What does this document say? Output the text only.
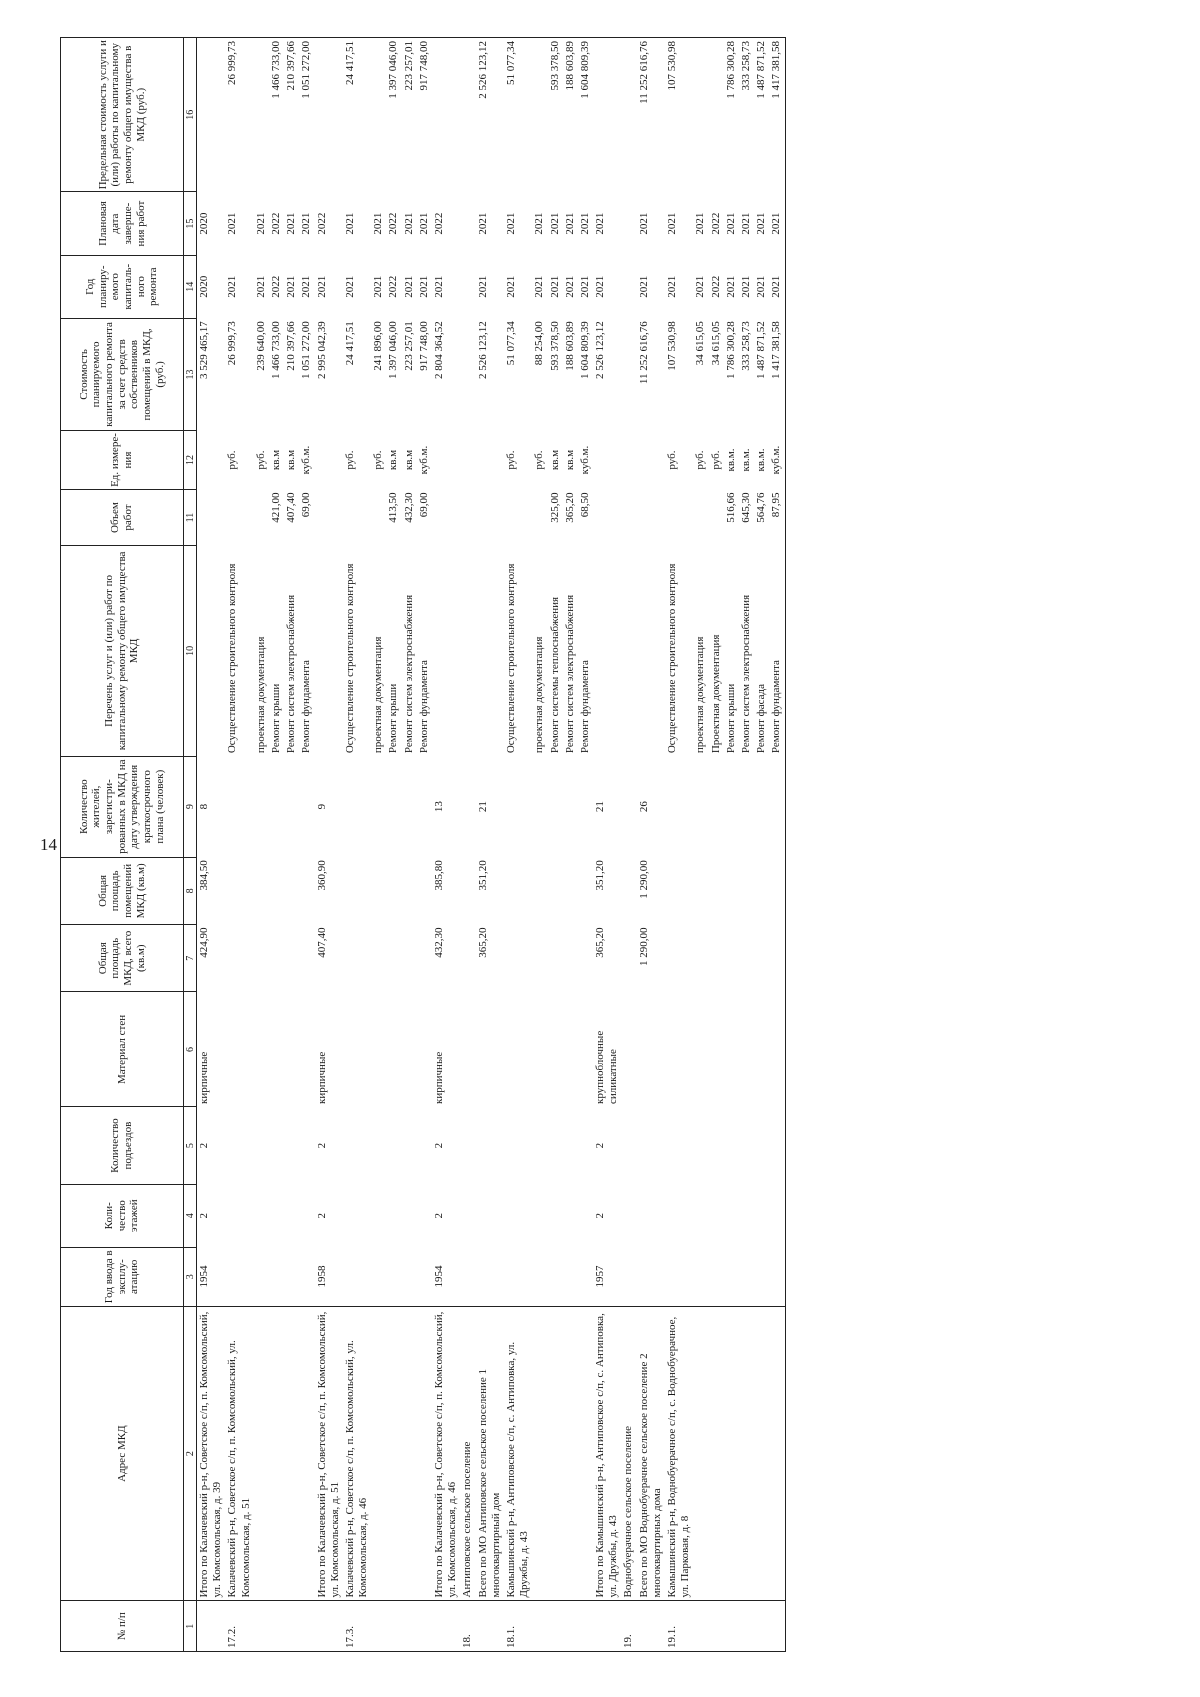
14
№ п/п	Адрес МКД	Год ввода в эксплу-атацию	Коли-чество этажей	Количество подъездов	Материал стен	Общая площадь МКД, всего (кв.м)	Общая площадь помещений МКД (кв.м)	Количество жителей, зарегистри-рованных в МКД на дату утверждения краткосрочного плана (человек)	Перечень услуг и (или) работ по капитальному ремонту общего имущества МКД	Объем работ	Ед. измере-ния	Стоимость планируемого капитального ремонта за счет средств собственников помещений в МКД, (руб.)	Год планиру-емого капиталь-ного ремонта	Плановая дата заверше-ния работ	Предельная стоимость услуги и (или) работы по капитальному ремонту общего имущества в МКД (руб.)
1	2	3	4	5	6	7	8	9	10	11	12	13	14	15	16
	Итого по Калачевский р-н, Советское с/п, п. Комсомольский, ул. Комсомольская, д. 39	1954	2	2	кирпичные	424,90	384,50	8				3 529 465,17	2020	2020	
17.2.	Калачевский р-н, Советское с/п, п. Комсомольский, ул. Комсомольская, д. 51								Осуществление строительного контроля		руб.	26 999,73	2021	2021	26 999,73
									проектная документация		руб.	239 640,00	2021	2021	
									Ремонт крыши	421,00	кв.м	1 466 733,00	2022	2022	1 466 733,00
									Ремонт систем электроснабжения	407,40	кв.м	210 397,66	2021	2021	210 397,66
									Ремонт фундамента	69,00	куб.м.	1 051 272,00	2021	2021	1 051 272,00
	Итого по Калачевский р-н, Советское с/п, п. Комсомольский, ул. Комсомольская, д. 51	1958	2	2	кирпичные	407,40	360,90	9				2 995 042,39	2021	2022	
17.3.	Калачевский р-н, Советское с/п, п. Комсомольский, ул. Комсомольская, д. 46								Осуществление строительного контроля		руб.	24 417,51	2021	2021	24 417,51
									проектная документация		руб.	241 896,00	2021	2021	
									Ремонт крыши	413,50	кв.м	1 397 046,00	2022	2022	1 397 046,00
									Ремонт систем электроснабжения	432,30	кв.м	223 257,01	2021	2021	223 257,01
									Ремонт фундамента	69,00	куб.м.	917 748,00	2021	2021	917 748,00
	Итого по Калачевский р-н, Советское с/п, п. Комсомольский, ул. Комсомольская, д. 46	1954	2	2	кирпичные	432,30	385,80	13				2 804 364,52	2021	2022	
18.	Антиповское сельское поселение														
	Всего по МО Антиповское сельское поселение 1 многоквартирный дом					365,20	351,20	21				2 526 123,12	2021	2021	2 526 123,12
18.1.	Камышинский р-н, Антиповское с/п, с. Антиповка, ул. Дружбы, д. 43								Осуществление строительного контроля		руб.	51 077,34	2021	2021	51 077,34
									проектная документация		руб.	88 254,00	2021	2021	
									Ремонт системы теплоснабжения	325,00	кв.м	593 378,50	2021	2021	593 378,50
									Ремонт систем электроснабжения	365,20	кв.м	188 603,89	2021	2021	188 603,89
									Ремонт фундамента	68,50	куб.м.	1 604 809,39	2021	2021	1 604 809,39
	Итого по Камышинский р-н, Антиповское с/п, с. Антиповка, ул. Дружбы, д. 43	1957	2	2	крупноблочные силикатные	365,20	351,20	21				2 526 123,12	2021	2021	
19.	Воднобуерачное сельское поселение														
	Всего по МО Воднобуерачное сельское поселение 2 многоквартирных дома					1 290,00	1 290,00	26				11 252 616,76	2021	2021	11 252 616,76
19.1.	Камышинский р-н, Воднобуерачное с/п, с. Воднобуерачное, ул. Парковая, д. 8								Осуществление строительного контроля		руб.	107 530,98	2021	2021	107 530,98
									проектная документация		руб.	34 615,05	2021	2021	
									Проектная документация		руб.	34 615,05	2022	2022	
									Ремонт крыши	516,66	кв.м.	1 786 300,28	2021	2021	1 786 300,28
									Ремонт систем электроснабжения	645,30	кв.м.	333 258,73	2021	2021	333 258,73
									Ремонт фасада	564,76	кв.м.	1 487 871,52	2021	2021	1 487 871,52
									Ремонт фундамента	87,95	куб.м.	1 417 381,58	2021	2021	1 417 381,58
